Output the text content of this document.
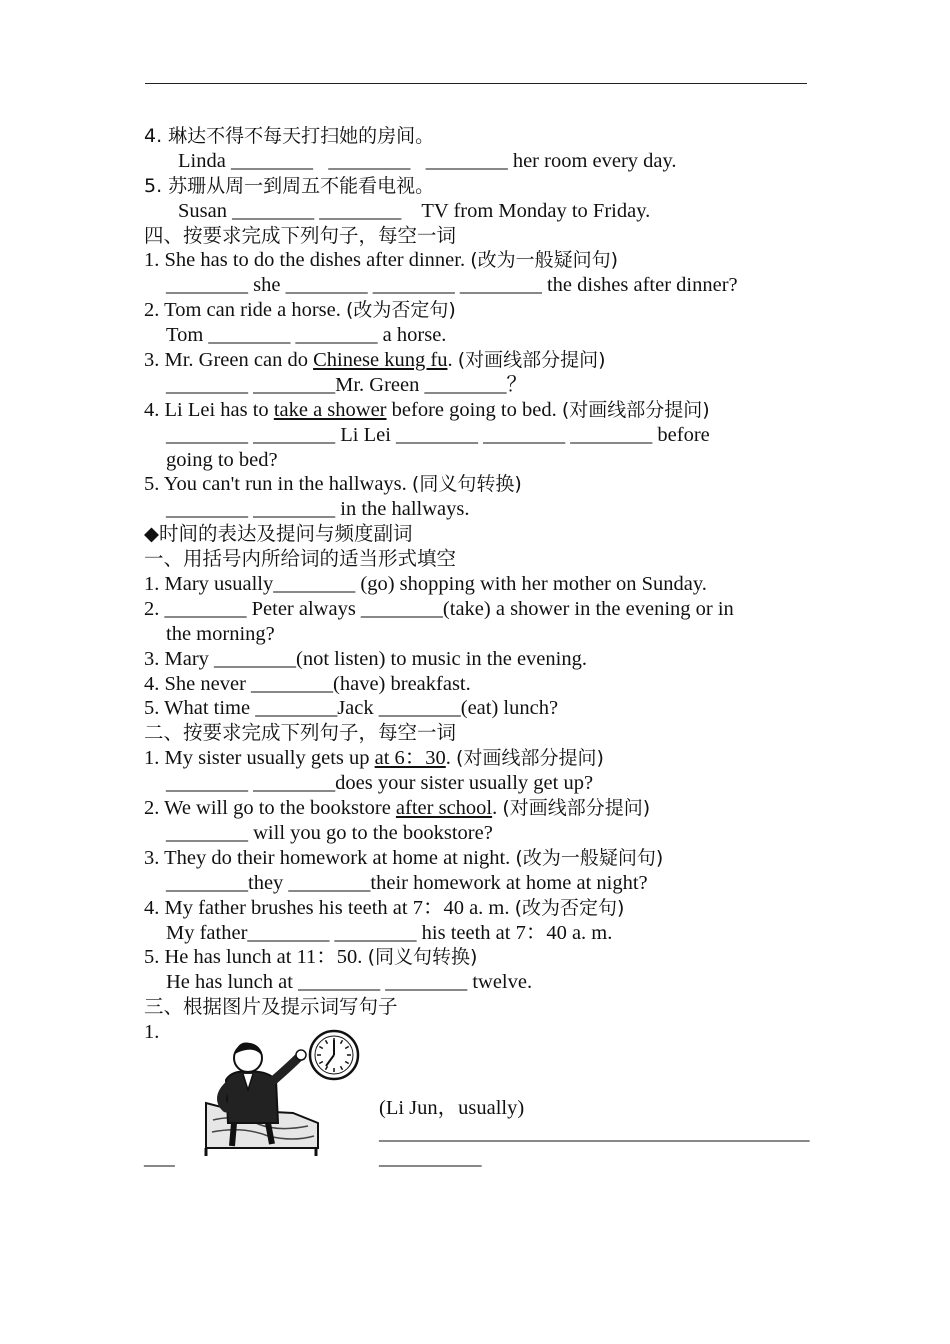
4. 琳达不得不每天打扫她的房间。
Linda ________   ________   ________ her room every day.
5. 苏珊从周一到周五不能看电视。
Susan ________ ________    TV from Monday to Friday.
四、按要求完成下列句子，每空一词
1. She has to do the dishes after dinner. (改为一般疑问句)
________ she ________ ________ ________ the dishes after dinner?
2. Tom can ride a horse. (改为否定句)
Tom ________ ________ a horse.
3. Mr. Green can do Chinese kung fu. (对画线部分提问)
________ ________Mr. Green ________？
4. Li Lei has to take a shower before going to bed. (对画线部分提问)
________ ________ Li Lei ________ ________ ________ before
going to bed?
5. You can't run in the hallways. (同义句转换)
________ ________ in the hallways.
◆时间的表达及提问与频度副词
一、用括号内所给词的适当形式填空
1. Mary usually________ (go) shopping with her mother on Sunday.
2. ________ Peter always ________(take) a shower in the evening or in
the morning?
3. Mary ________(not listen) to music in the evening.
4. She never ________(have) breakfast.
5. What time ________Jack ________(eat) lunch?
二、按要求完成下列句子，每空一词
1. My sister usually gets up at 6：30. (对画线部分提问)
________ ________does your sister usually get up?
2. We will go to the bookstore after school. (对画线部分提问)
________ will you go to the bookstore?
3. They do their homework at home at night. (改为一般疑问句)
________they ________their homework at home at night?
4. My father brushes his teeth at 7：40 a. m. (改为否定句)
My father________ ________ his teeth at 7：40 a. m.
5. He has lunch at 11：50. (同义句转换)
He has lunch at ________ ________ twelve.
三、根据图片及提示词写句子
1.
(Li Jun，usually)
__________________________________________
___	__________
